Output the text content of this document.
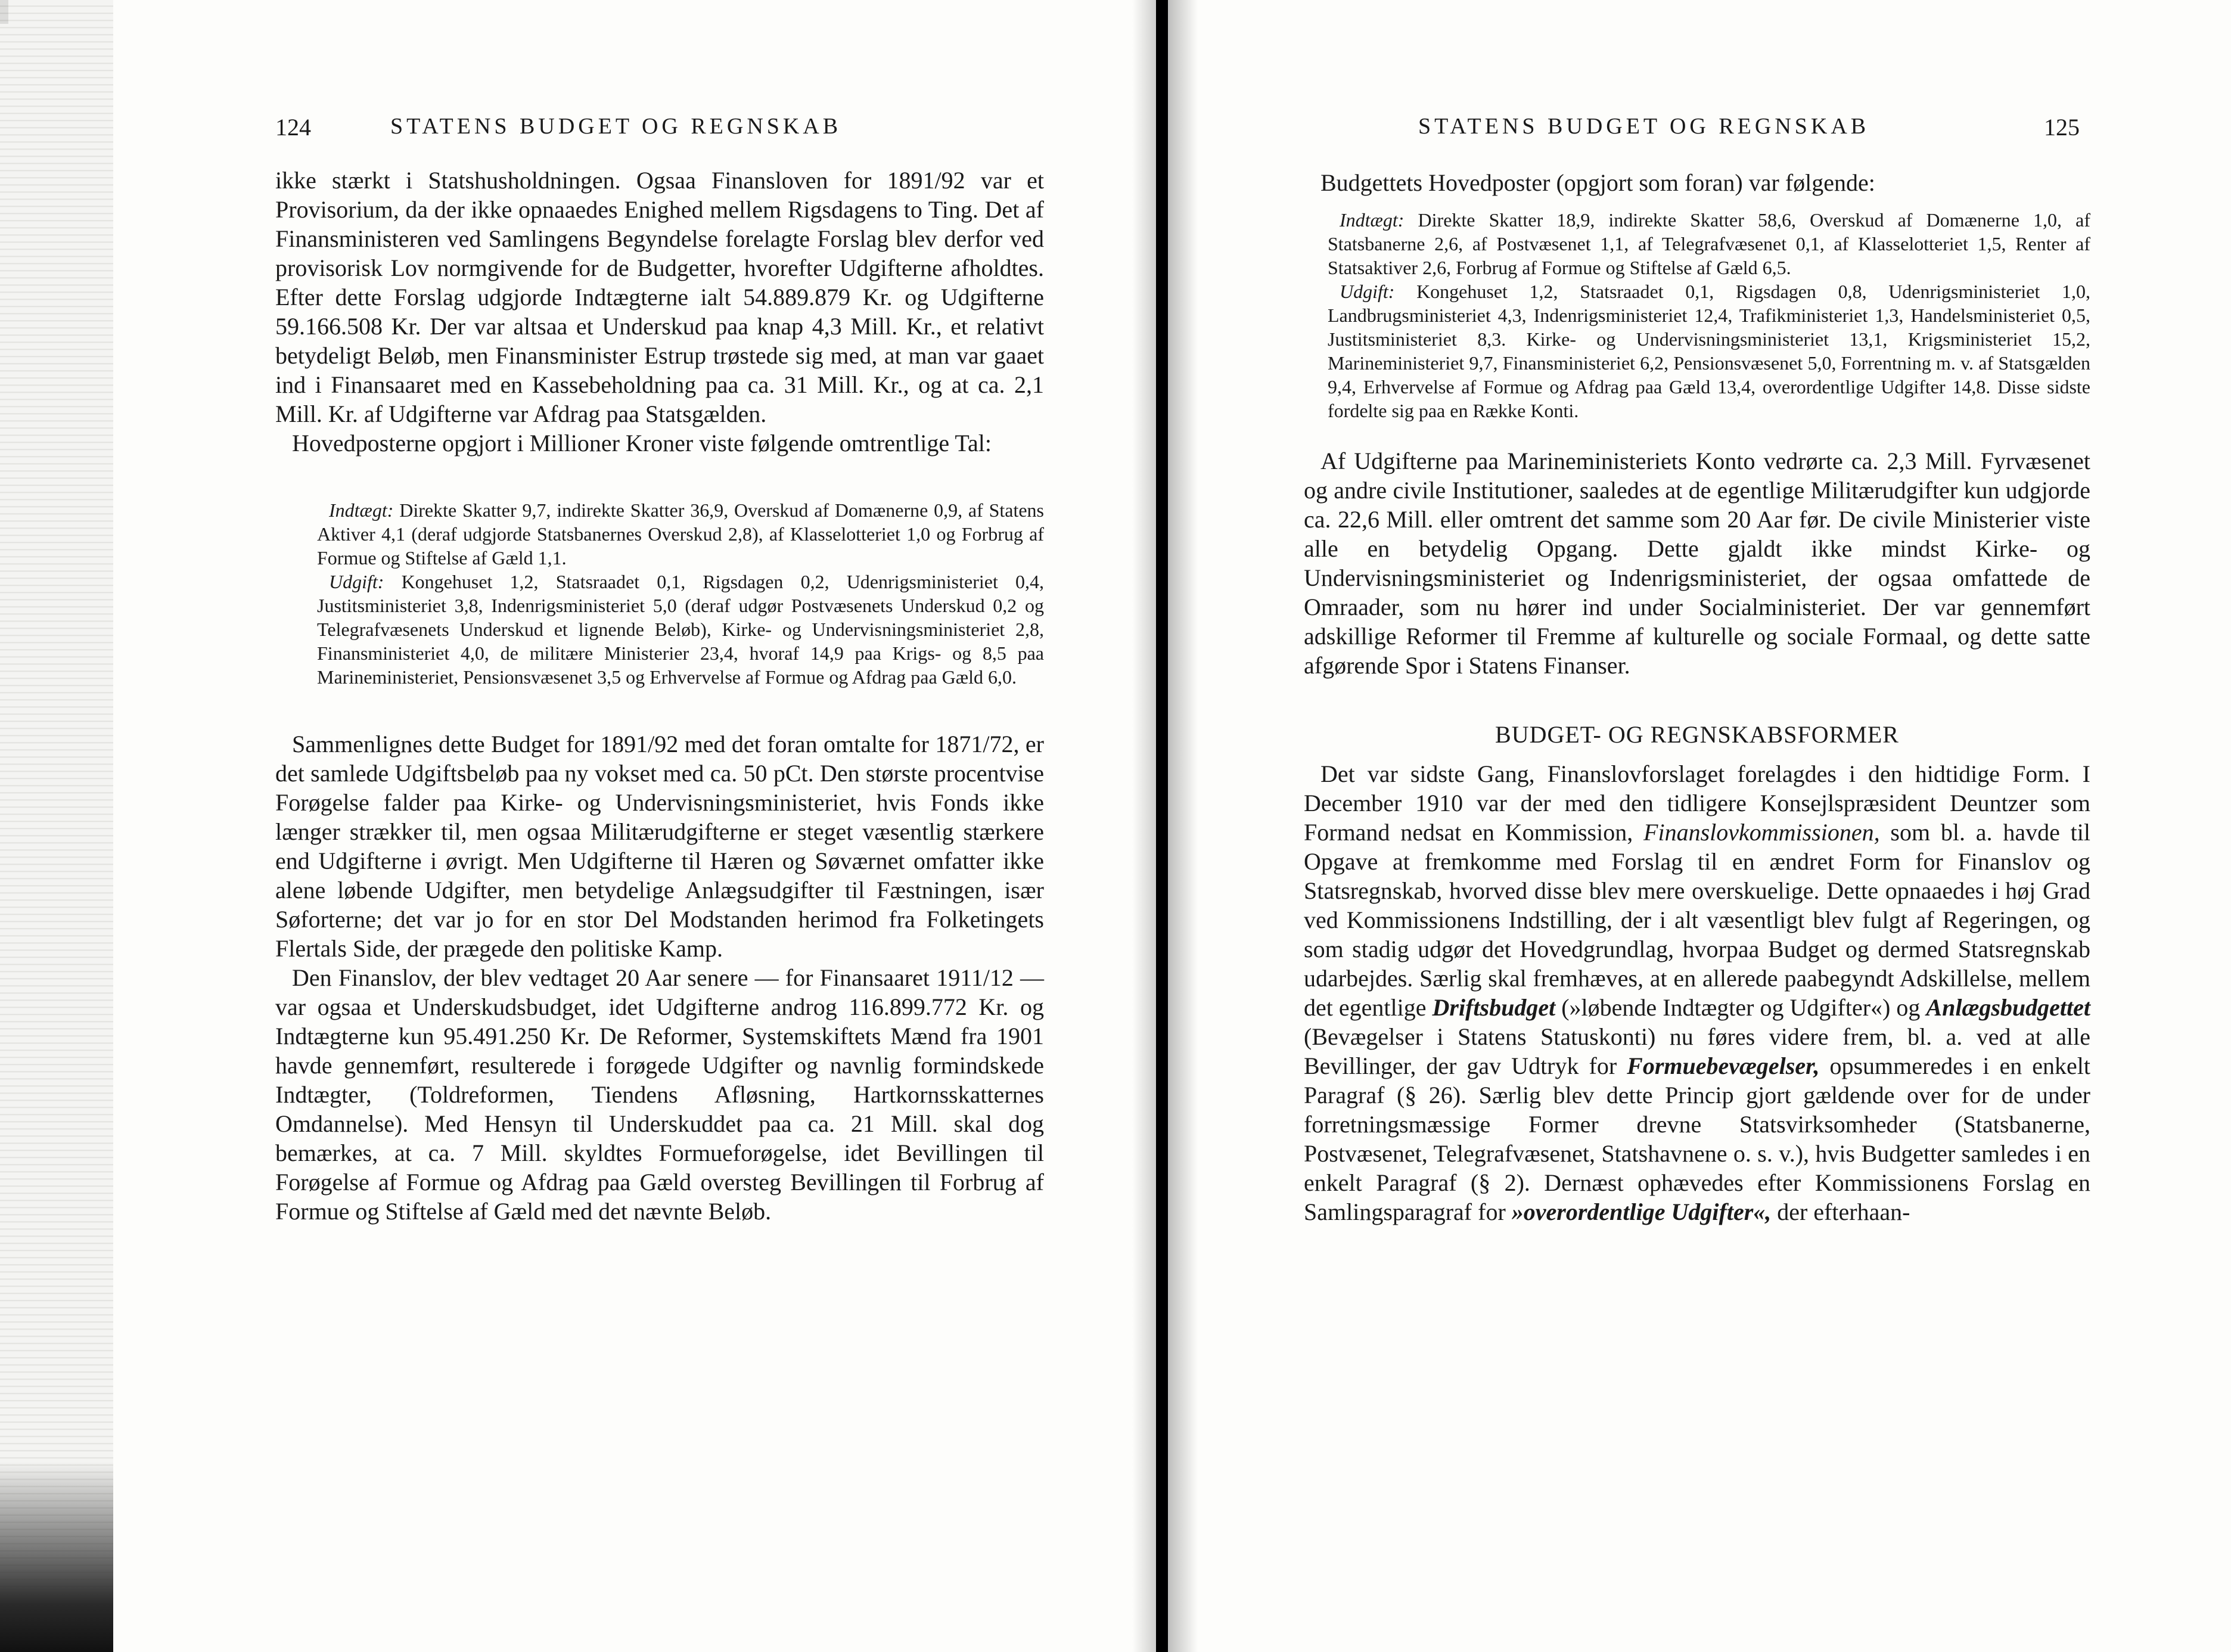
124	STATENS BUDGET OG REGNSKAB

ikke stærkt i Statshusholdningen. Ogsaa Finansloven for 1891/92 var et Provisorium, da der ikke opnaaedes Enighed mellem Rigsdagens to Ting. Det af Finansministeren ved Samlingens Begyndelse forelagte Forslag blev derfor ved provisorisk Lov normgivende for de Budgetter, hvorefter Udgifterne afholdtes. Efter dette Forslag udgjorde Indtægterne ialt 54.889.879 Kr. og Udgifterne 59.166.508 Kr. Der var altsaa et Underskud paa knap 4,3 Mill. Kr., et relativt betydeligt Beløb, men Finansminister Estrup trøstede sig med, at man var gaaet ind i Finansaaret med en Kassebeholdning paa ca. 31 Mill. Kr., og at ca. 2,1 Mill. Kr. af Udgifterne var Afdrag paa Statsgælden.

Hovedposterne opgjort i Millioner Kroner viste følgende omtrentlige Tal:

Indtægt: Direkte Skatter 9,7, indirekte Skatter 36,9, Overskud af Domænerne 0,9, af Statens Aktiver 4,1 (deraf udgjorde Statsbanernes Overskud 2,8), af Klasselotteriet 1,0 og Forbrug af Formue og Stiftelse af Gæld 1,1.

Udgift: Kongehuset 1,2, Statsraadet 0,1, Rigsdagen 0,2, Udenrigsministeriet 0,4, Justitsministeriet 3,8, Indenrigsministeriet 5,0 (deraf udgør Postvæsenets Underskud 0,2 og Telegrafvæsenets Underskud et lignende Beløb), Kirke- og Undervisningsministeriet 2,8, Finansministeriet 4,0, de militære Ministerier 23,4, hvoraf 14,9 paa Krigs- og 8,5 paa Marineministeriet, Pensionsvæsenet 3,5 og Erhvervelse af Formue og Afdrag paa Gæld 6,0.

Sammenlignes dette Budget for 1891/92 med det foran omtalte for 1871/72, er det samlede Udgiftsbeløb paa ny vokset med ca. 50 pCt. Den største procentvise Forøgelse falder paa Kirke- og Undervisningsministeriet, hvis Fonds ikke længer strækker til, men ogsaa Militærudgifterne er steget væsentlig stærkere end Udgifterne i øvrigt. Men Udgifterne til Hæren og Søværnet omfatter ikke alene løbende Udgifter, men betydelige Anlægsudgifter til Fæstningen, især Søforterne; det var jo for en stor Del Modstanden herimod fra Folketingets Flertals Side, der prægede den politiske Kamp.

Den Finanslov, der blev vedtaget 20 Aar senere — for Finansaaret 1911/12 — var ogsaa et Underskudsbudget, idet Udgifterne androg 116.899.772 Kr. og Indtægterne kun 95.491.250 Kr. De Reformer, Systemskiftets Mænd fra 1901 havde gennemført, resulterede i forøgede Udgifter og navnlig formindskede Indtægter, (Toldreformen, Tiendens Afløsning, Hartkornsskatternes Omdannelse). Med Hensyn til Underskuddet paa ca. 21 Mill. skal dog bemærkes, at ca. 7 Mill. skyldtes Formueforøgelse, idet Bevillingen til Forøgelse af Formue og Afdrag paa Gæld oversteg Bevillingen til Forbrug af Formue og Stiftelse af Gæld med det nævnte Beløb.

STATENS BUDGET OG REGNSKAB	125

Budgettets Hovedposter (opgjort som foran) var følgende:

Indtægt: Direkte Skatter 18,9, indirekte Skatter 58,6, Overskud af Domænerne 1,0, af Statsbanerne 2,6, af Postvæsenet 1,1, af Telegrafvæsenet 0,1, af Klasselotteriet 1,5, Renter af Statsaktiver 2,6, Forbrug af Formue og Stiftelse af Gæld 6,5.

Udgift: Kongehuset 1,2, Statsraadet 0,1, Rigsdagen 0,8, Udenrigsministeriet 1,0, Landbrugsministeriet 4,3, Indenrigsministeriet 12,4, Trafikministeriet 1,3, Handelsministeriet 0,5, Justitsministeriet 8,3. Kirke- og Undervisningsministeriet 13,1, Krigsministeriet 15,2, Marineministeriet 9,7, Finansministeriet 6,2, Pensionsvæsenet 5,0, Forrentning m. v. af Statsgælden 9,4, Erhvervelse af Formue og Afdrag paa Gæld 13,4, overordentlige Udgifter 14,8. Disse sidste fordelte sig paa en Række Konti.

Af Udgifterne paa Marineministeriets Konto vedrørte ca. 2,3 Mill. Fyrvæsenet og andre civile Institutioner, saaledes at de egentlige Militærudgifter kun udgjorde ca. 22,6 Mill. eller omtrent det samme som 20 Aar før. De civile Ministerier viste alle en betydelig Opgang. Dette gjaldt ikke mindst Kirke- og Undervisningsministeriet og Indenrigsministeriet, der ogsaa omfattede de Omraader, som nu hører ind under Socialministeriet. Der var gennemført adskillige Reformer til Fremme af kulturelle og sociale Formaal, og dette satte afgørende Spor i Statens Finanser.

BUDGET- OG REGNSKABSFORMER

Det var sidste Gang, Finanslovforslaget forelagdes i den hidtidige Form. I December 1910 var der med den tidligere Konsejlspræsident Deuntzer som Formand nedsat en Kommission, Finanslovkommissionen, som bl. a. havde til Opgave at fremkomme med Forslag til en ændret Form for Finanslov og Statsregnskab, hvorved disse blev mere overskuelige. Dette opnaaedes i høj Grad ved Kommissionens Indstilling, der i alt væsentligt blev fulgt af Regeringen, og som stadig udgør det Hovedgrundlag, hvorpaa Budget og dermed Statsregnskab udarbejdes. Særlig skal fremhæves, at en allerede paabegyndt Adskillelse, mellem det egentlige Driftsbudget (»løbende Indtægter og Udgifter«) og Anlægsbudgettet (Bevægelser i Statens Statuskonti) nu føres videre frem, bl. a. ved at alle Bevillinger, der gav Udtryk for Formuebevægelser, opsummeredes i en enkelt Paragraf (§ 26). Særlig blev dette Princip gjort gældende over for de under forretningsmæssige Former drevne Statsvirksomheder (Statsbanerne, Postvæsenet, Telegrafvæsenet, Statshavnene o. s. v.), hvis Budgetter samledes i en enkelt Paragraf (§ 2). Dernæst ophævedes efter Kommissionens Forslag en Samlingsparagraf for »overordentlige Udgifter«, der efterhaan-
